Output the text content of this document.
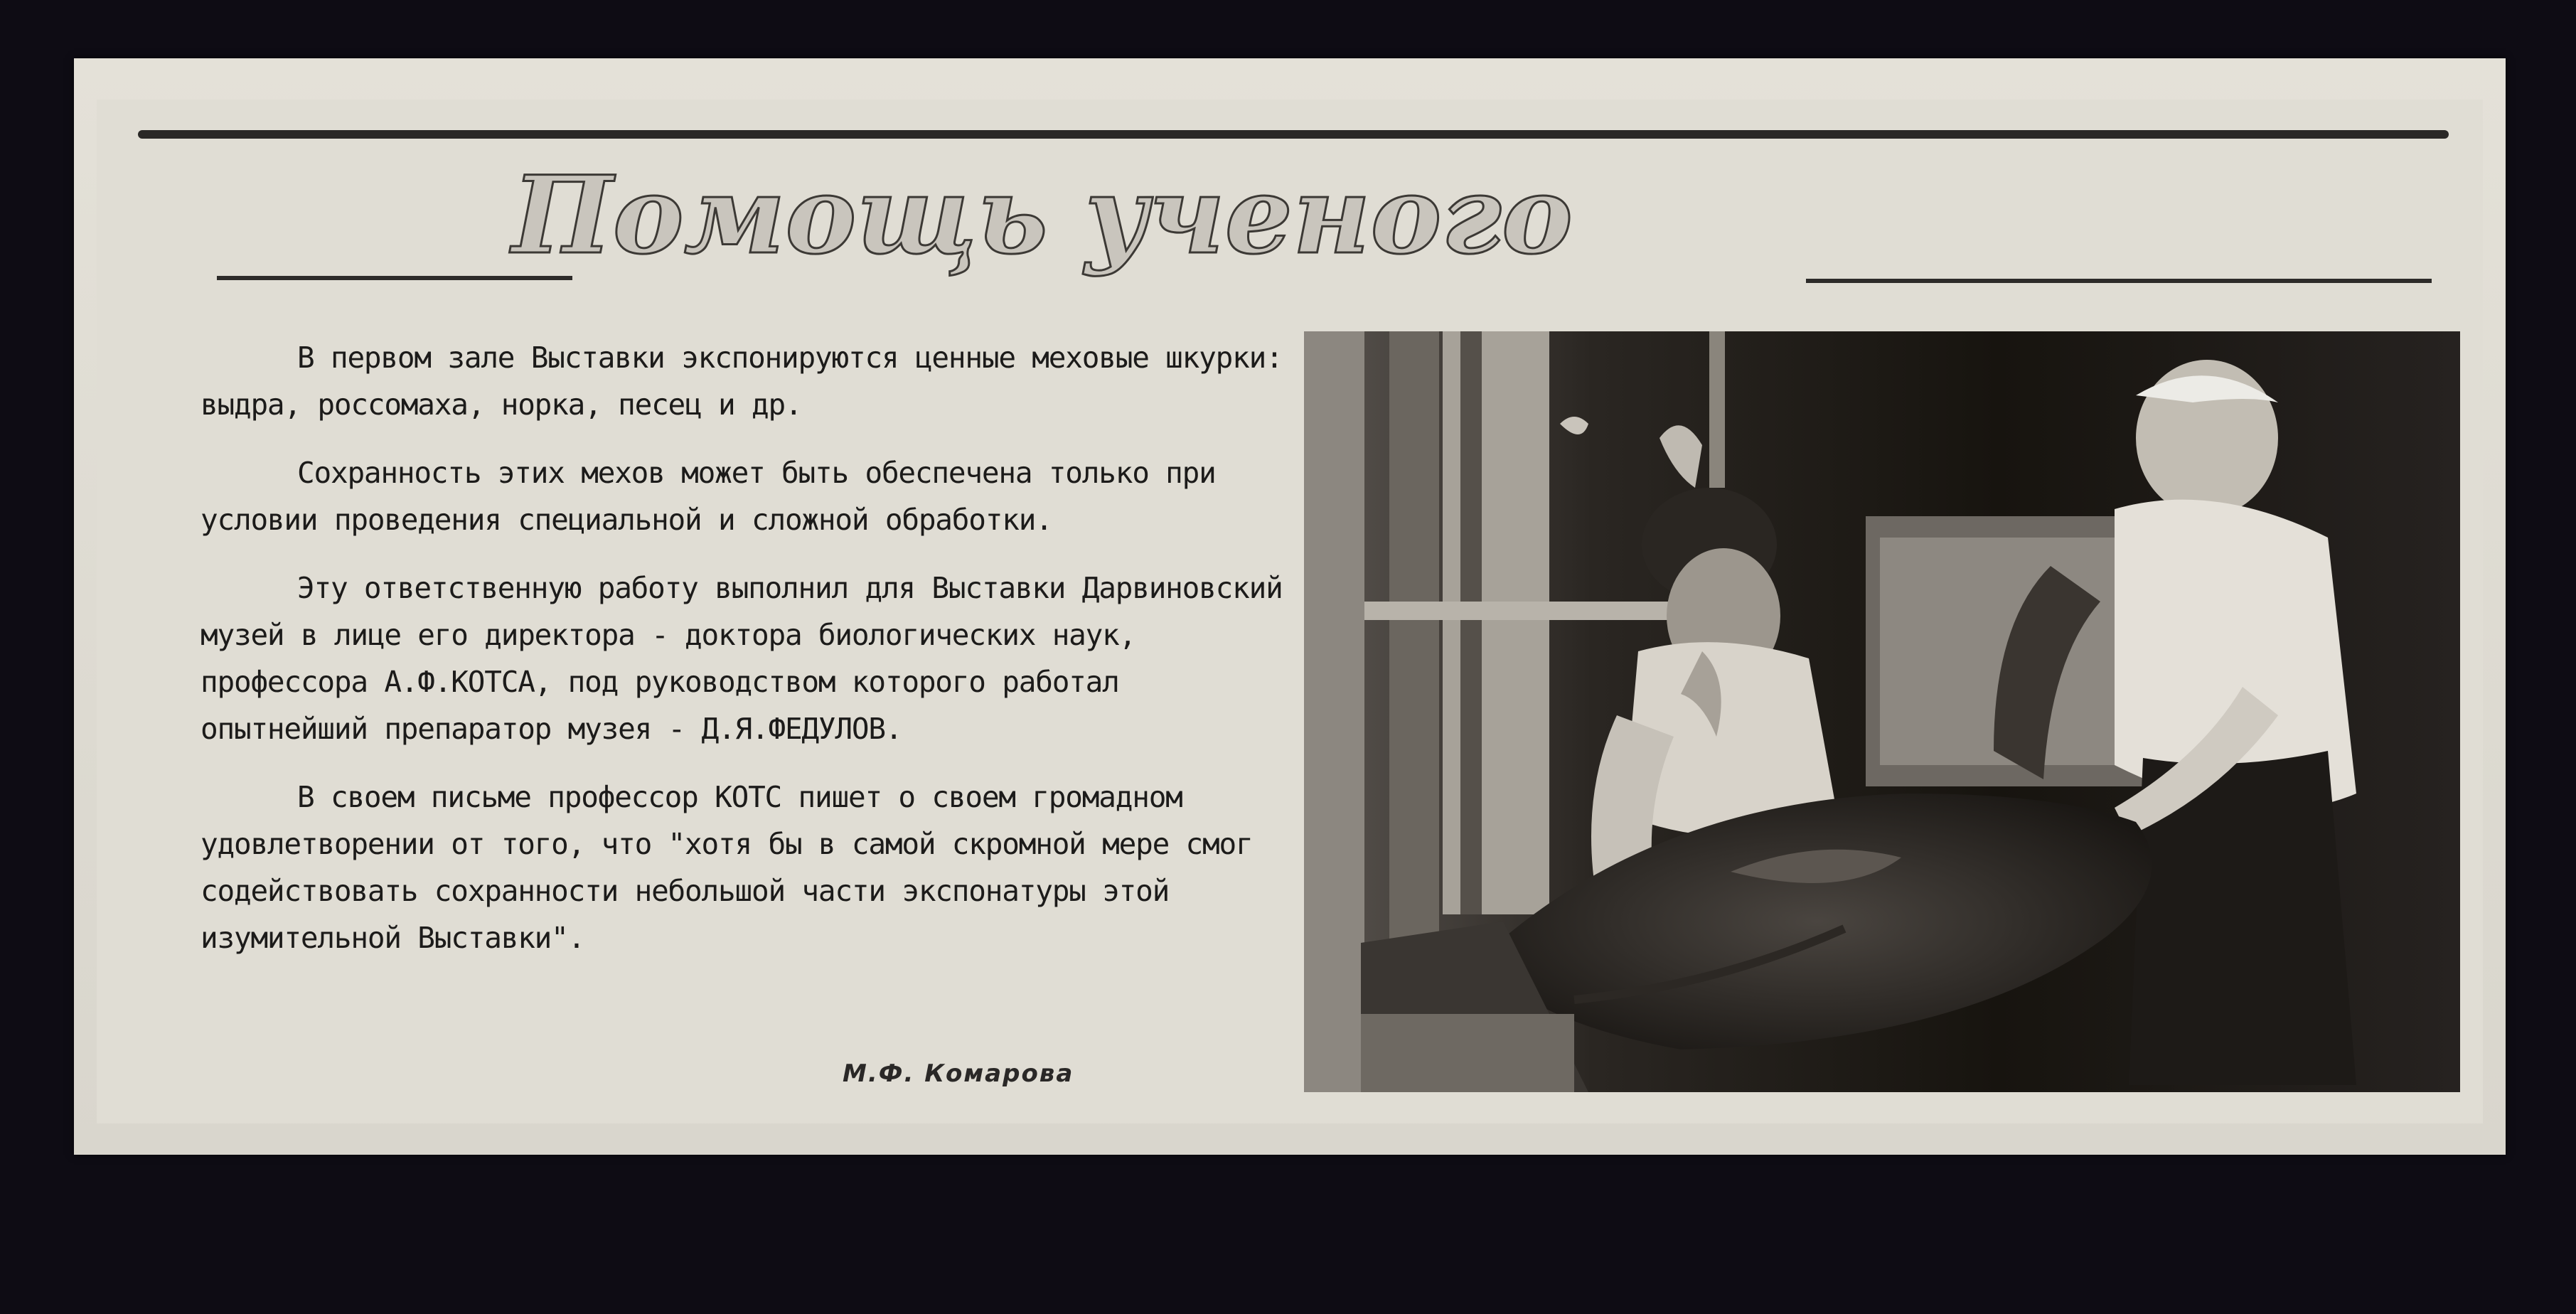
Помощь ученого

В первом зале Выставки экспонируются ценные меховые шкурки: выдра, россомаха, норка, песец и др.

Сохранность этих мехов может быть обеспечена только при условии проведения специальной и сложной обработки.

Эту ответственную работу выполнил для Выставки Дарвиновский музей в лице его директора - доктора биологических наук, профессора А.Ф.КОТСА, под руководством которого работал опытнейший препаратор музея - Д.Я.ФЕДУЛОВ.

В своем письме профессор КОТС пишет о своем громадном удовлетворении от того, что "хотя бы в самой скромной мере смог содействовать сохранности небольшой части экспонатуры этой изумительной Выставки".

М.Ф. Комарова
